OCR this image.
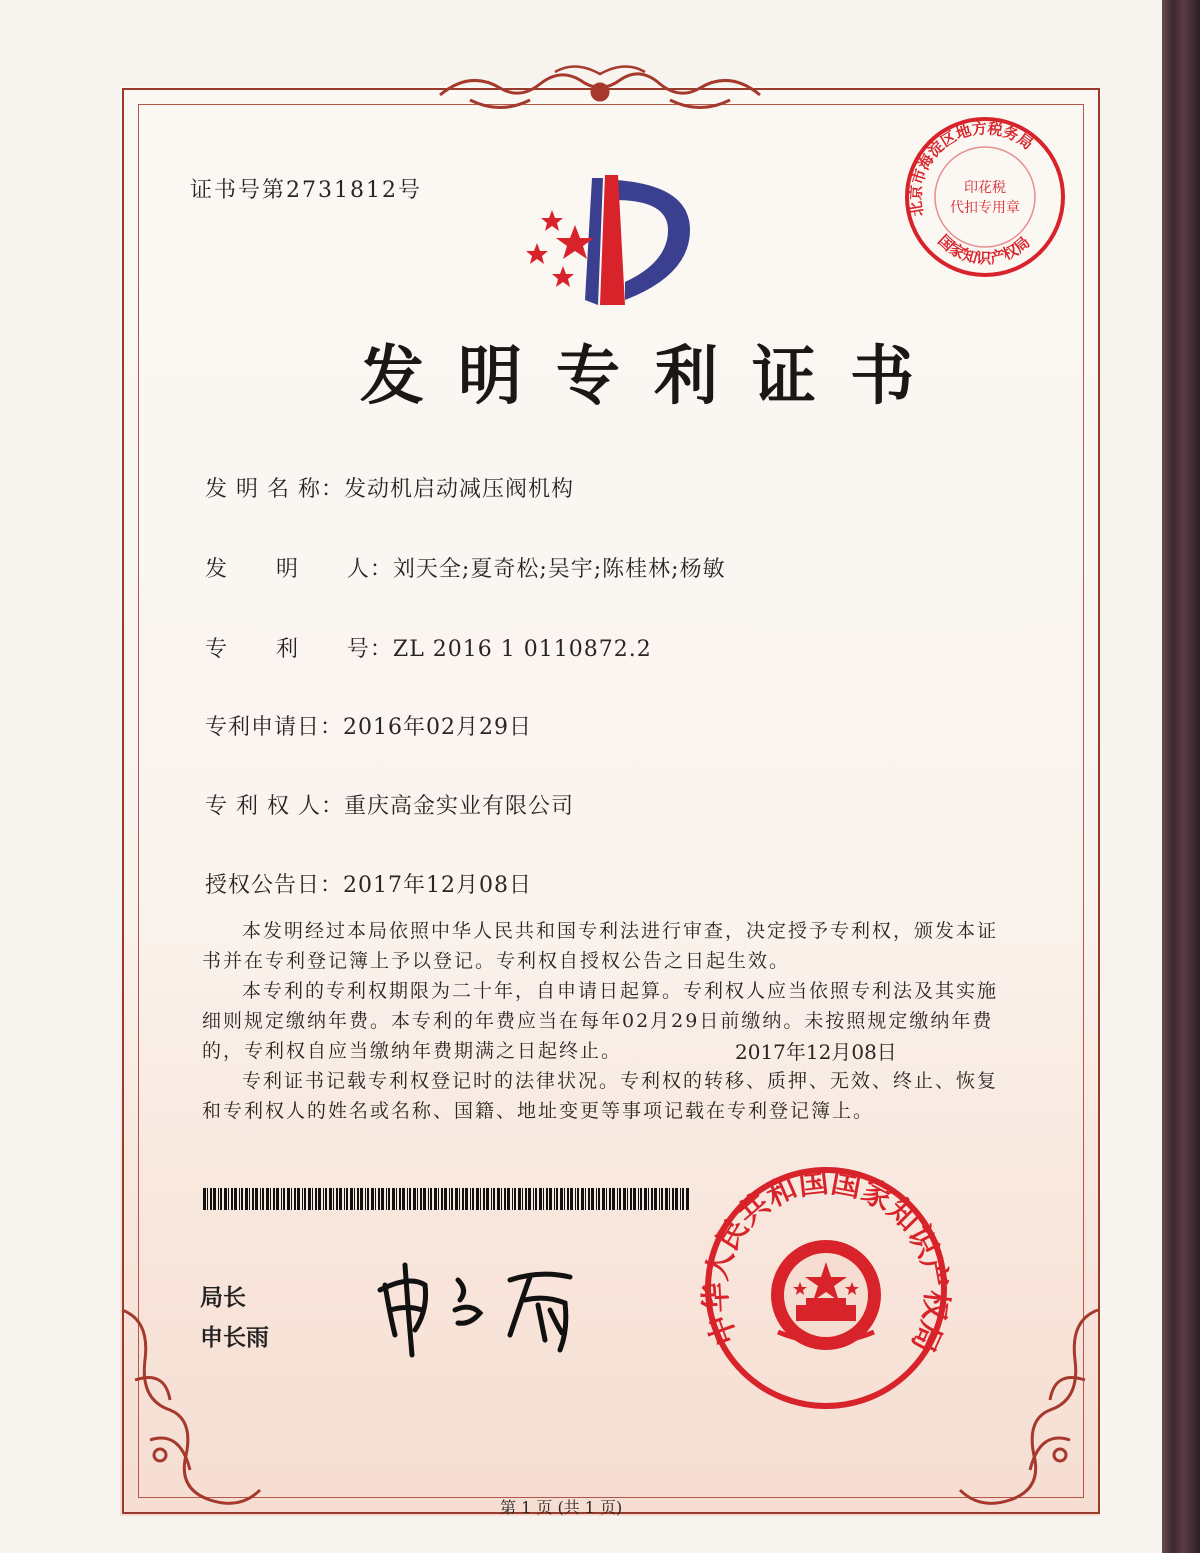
北京市海淀区地方税务局
国家知识产权局
印花税
代扣专用章
中华人民共和国国家知识产权局
证书号第2731812号
发明专利证书
发 明 名 称：发动机启动减压阀机构
发      明      人：刘天全;夏奇松;吴宇;陈桂林;杨敏
专      利      号：ZL 2016 1 0110872.2
专利申请日：2016年02月29日
专 利 权 人：重庆高金实业有限公司
授权公告日：2017年12月08日

本发明经过本局依照中华人民共和国专利法进行审查，决定授予专利权，颁发本证书并在专利登记簿上予以登记。专利权自授权公告之日起生效。

本专利的专利权期限为二十年，自申请日起算。专利权人应当依照专利法及其实施细则规定缴纳年费。本专利的年费应当在每年02月29日前缴纳。未按照规定缴纳年费的，专利权自应当缴纳年费期满之日起终止。

专利证书记载专利权登记时的法律状况。专利权的转移、质押、无效、终止、恢复和专利权人的姓名或名称、国籍、地址变更等事项记载在专利登记簿上。

局长
申长雨
2017年12月08日
第 1 页 (共 1 页)
